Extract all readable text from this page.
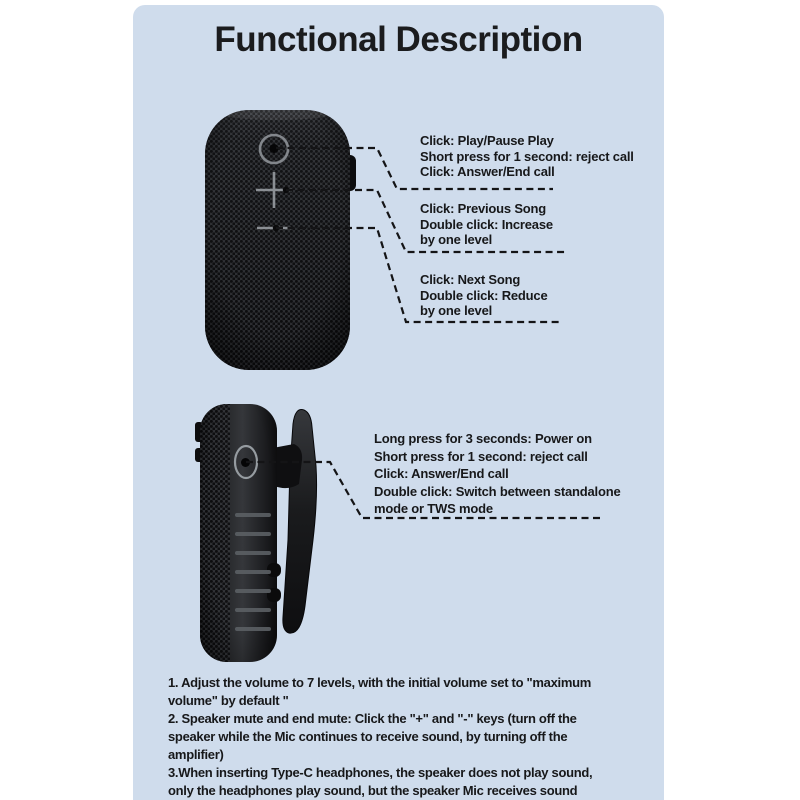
Functional Description
Click: Play/Pause Play
Short press for 1 second: reject call
Click: Answer/End call
Click: Previous Song
Double click: Increase
by one level
Click: Next Song
Double click: Reduce
by one level
Long press for 3 seconds: Power on
Short press for 1 second: reject call
Click: Answer/End call
Double click: Switch between standalone
mode or TWS mode
1. Adjust the volume to 7 levels, with the initial volume set to "maximum
volume" by default "
2. Speaker mute and end mute: Click the "+" and "-" keys (turn off the
speaker while the Mic continues to receive sound, by turning off the
amplifier)
3.When inserting Type-C headphones, the speaker does not play sound,
only the headphones play sound, but the speaker Mic receives sound
